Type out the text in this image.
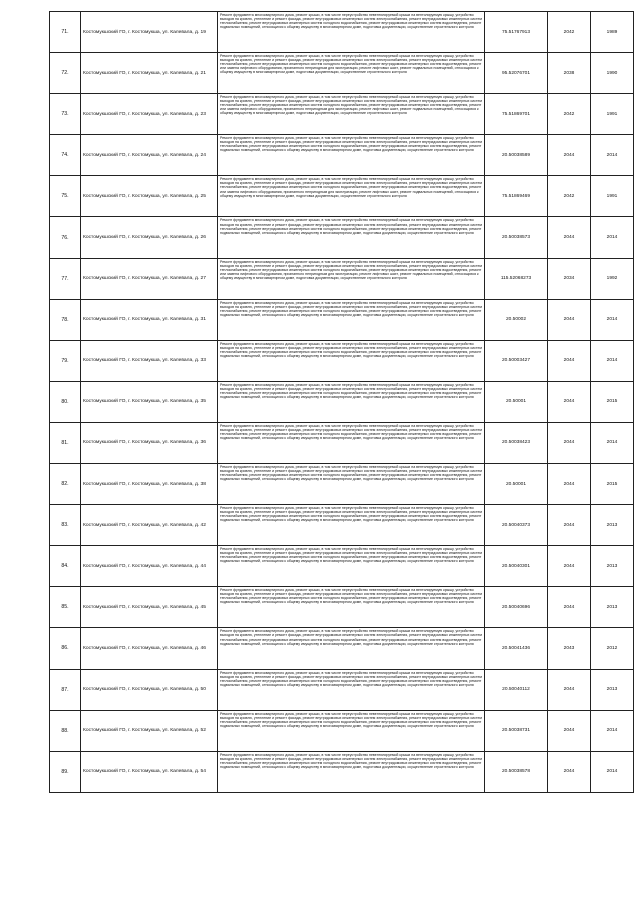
71.	Костомукшский ГО, г. Костомукша, ул. Калевала, д. 19	Ремонт фундамента многоквартирного дома, ремонт крыши, в том числе переустройство невентилируемой крыши на вентилируемую крышу, устройство выходов на кровлю, утепление и ремонт фасада, ремонт внутридомовых инженерных систем электроснабжения, ремонт внутридомовых инженерных систем теплоснабжения, ремонт внутридомовых инженерных систем холодного водоснабжения, ремонт внутридомовых инженерных систем водоотведения, ремонт подвальных помещений, относящихся к общему имуществу в многоквартирном доме, подготовка документации, осуществление строительного контроля	75.51767913	2042	1989
72.	Костомукшский ГО, г. Костомукша, ул. Калевала, д. 21	Ремонт фундамента многоквартирного дома, ремонт крыши, в том числе переустройство невентилируемой крыши на вентилируемую крышу, устройство выходов на кровлю, утепление и ремонт фасада, ремонт внутридомовых инженерных систем электроснабжения, ремонт внутридомовых инженерных систем теплоснабжения, ремонт внутридомовых инженерных систем холодного водоснабжения, ремонт внутридомовых инженерных систем водоотведения, ремонт или замена лифтового оборудования, признанного непригодным для эксплуатации, ремонт лифтовых шахт, ремонт подвальных помещений, относящихся к общему имуществу в многоквартирном доме, подготовка документации, осуществление строительного контроля	95.52076701	2038	1990
73.	Костомукшский ГО, г. Костомукша, ул. Калевала, д. 23	Ремонт фундамента многоквартирного дома, ремонт крыши, в том числе переустройство невентилируемой крыши на вентилируемую крышу, устройство выходов на кровлю, утепление и ремонт фасада, ремонт внутридомовых инженерных систем электроснабжения, ремонт внутридомовых инженерных систем теплоснабжения, ремонт внутридомовых инженерных систем холодного водоснабжения, ремонт внутридомовых инженерных систем водоотведения, ремонт или замена лифтового оборудования, признанного непригодным для эксплуатации, ремонт лифтовых шахт, ремонт подвальных помещений, относящихся к общему имуществу в многоквартирном доме, подготовка документации, осуществление строительного контроля	75.51869701	2042	1991
74.	Костомукшский ГО, г. Костомукша, ул. Калевала, д. 24	Ремонт фундамента многоквартирного дома, ремонт крыши, в том числе переустройство невентилируемой крыши на вентилируемую крышу, устройство выходов на кровлю, утепление и ремонт фасада, ремонт внутридомовых инженерных систем электроснабжения, ремонт внутридомовых инженерных систем теплоснабжения, ремонт внутридомовых инженерных систем холодного водоснабжения, ремонт внутридомовых инженерных систем водоотведения, ремонт подвальных помещений, относящихся к общему имуществу в многоквартирном доме, подготовка документации, осуществление строительного контроля	20.50038589	2044	2014
75.	Костомукшский ГО, г. Костомукша, ул. Калевала, д. 25	Ремонт фундамента многоквартирного дома, ремонт крыши, в том числе переустройство невентилируемой крыши на вентилируемую крышу, устройство выходов на кровлю, утепление и ремонт фасада, ремонт внутридомовых инженерных систем электроснабжения, ремонт внутридомовых инженерных систем теплоснабжения, ремонт внутридомовых инженерных систем холодного водоснабжения, ремонт внутридомовых инженерных систем водоотведения, ремонт или замена лифтового оборудования, признанного непригодным для эксплуатации, ремонт лифтовых шахт, ремонт подвальных помещений, относящихся к общему имуществу в многоквартирном доме, подготовка документации, осуществление строительного контроля	75.51869469	2042	1991
76.	Костомукшский ГО, г. Костомукша, ул. Калевала, д. 26	Ремонт фундамента многоквартирного дома, ремонт крыши, в том числе переустройство невентилируемой крыши на вентилируемую крышу, устройство выходов на кровлю, утепление и ремонт фасада, ремонт внутридомовых инженерных систем электроснабжения, ремонт внутридомовых инженерных систем теплоснабжения, ремонт внутридомовых инженерных систем холодного водоснабжения, ремонт внутридомовых инженерных систем водоотведения, ремонт подвальных помещений, относящихся к общему имуществу в многоквартирном доме, подготовка документации, осуществление строительного контроля	20.50038573	2044	2014
77.	Костомукшский ГО, г. Костомукша, ул. Калевала, д. 27	Ремонт фундамента многоквартирного дома, ремонт крыши, в том числе переустройство невентилируемой крыши на вентилируемую крышу, устройство выходов на кровлю, утепление и ремонт фасада, ремонт внутридомовых инженерных систем электроснабжения, ремонт внутридомовых инженерных систем теплоснабжения, ремонт внутридомовых инженерных систем холодного водоснабжения, ремонт внутридомовых инженерных систем водоотведения, ремонт или замена лифтового оборудования, признанного непригодным для эксплуатации, ремонт лифтовых шахт, ремонт подвальных помещений, относящихся к общему имуществу в многоквартирном доме, подготовка документации, осуществление строительного контроля	115.52068273	2034	1992
78.	Костомукшский ГО, г. Костомукша, ул. Калевала, д. 31	Ремонт фундамента многоквартирного дома, ремонт крыши, в том числе переустройство невентилируемой крыши на вентилируемую крышу, устройство выходов на кровлю, утепление и ремонт фасада, ремонт внутридомовых инженерных систем электроснабжения, ремонт внутридомовых инженерных систем теплоснабжения, ремонт внутридомовых инженерных систем холодного водоснабжения, ремонт внутридомовых инженерных систем водоотведения, ремонт подвальных помещений, относящихся к общему имуществу в многоквартирном доме, подготовка документации, осуществление строительного контроля	20.50002	2044	2014
79.	Костомукшский ГО, г. Костомукша, ул. Калевала, д. 33	Ремонт фундамента многоквартирного дома, ремонт крыши, в том числе переустройство невентилируемой крыши на вентилируемую крышу, устройство выходов на кровлю, утепление и ремонт фасада, ремонт внутридомовых инженерных систем электроснабжения, ремонт внутридомовых инженерных систем теплоснабжения, ремонт внутридомовых инженерных систем холодного водоснабжения, ремонт внутридомовых инженерных систем водоотведения, ремонт подвальных помещений, относящихся к общему имуществу в многоквартирном доме, подготовка документации, осуществление строительного контроля	20.50003427	2044	2014
80.	Костомукшский ГО, г. Костомукша, ул. Калевала, д. 35	Ремонт фундамента многоквартирного дома, ремонт крыши, в том числе переустройство невентилируемой крыши на вентилируемую крышу, устройство выходов на кровлю, утепление и ремонт фасада, ремонт внутридомовых инженерных систем электроснабжения, ремонт внутридомовых инженерных систем теплоснабжения, ремонт внутридомовых инженерных систем холодного водоснабжения, ремонт внутридомовых инженерных систем водоотведения, ремонт подвальных помещений, относящихся к общему имуществу в многоквартирном доме, подготовка документации, осуществление строительного контроля	20.50001	2044	2015
81.	Костомукшский ГО, г. Костомукша, ул. Калевала, д. 36	Ремонт фундамента многоквартирного дома, ремонт крыши, в том числе переустройство невентилируемой крыши на вентилируемую крышу, устройство выходов на кровлю, утепление и ремонт фасада, ремонт внутридомовых инженерных систем электроснабжения, ремонт внутридомовых инженерных систем теплоснабжения, ремонт внутридомовых инженерных систем холодного водоснабжения, ремонт внутридомовых инженерных систем водоотведения, ремонт подвальных помещений, относящихся к общему имуществу в многоквартирном доме, подготовка документации, осуществление строительного контроля	20.50038423	2044	2014
82.	Костомукшский ГО, г. Костомукша, ул. Калевала, д. 38	Ремонт фундамента многоквартирного дома, ремонт крыши, в том числе переустройство невентилируемой крыши на вентилируемую крышу, устройство выходов на кровлю, утепление и ремонт фасада, ремонт внутридомовых инженерных систем электроснабжения, ремонт внутридомовых инженерных систем теплоснабжения, ремонт внутридомовых инженерных систем холодного водоснабжения, ремонт внутридомовых инженерных систем водоотведения, ремонт подвальных помещений, относящихся к общему имуществу в многоквартирном доме, подготовка документации, осуществление строительного контроля	20.50001	2044	2015
83.	Костомукшский ГО, г. Костомукша, ул. Калевала, д. 42	Ремонт фундамента многоквартирного дома, ремонт крыши, в том числе переустройство невентилируемой крыши на вентилируемую крышу, устройство выходов на кровлю, утепление и ремонт фасада, ремонт внутридомовых инженерных систем электроснабжения, ремонт внутридомовых инженерных систем теплоснабжения, ремонт внутридомовых инженерных систем холодного водоснабжения, ремонт внутридомовых инженерных систем водоотведения, ремонт подвальных помещений, относящихся к общему имуществу в многоквартирном доме, подготовка документации, осуществление строительного контроля	20.50040373	2044	2013
84.	Костомукшский ГО, г. Костомукша, ул. Калевала, д. 44	Ремонт фундамента многоквартирного дома, ремонт крыши, в том числе переустройство невентилируемой крыши на вентилируемую крышу, устройство выходов на кровлю, утепление и ремонт фасада, ремонт внутридомовых инженерных систем электроснабжения, ремонт внутридомовых инженерных систем теплоснабжения, ремонт внутридомовых инженерных систем холодного водоснабжения, ремонт внутридомовых инженерных систем водоотведения, ремонт подвальных помещений, относящихся к общему имуществу в многоквартирном доме, подготовка документации, осуществление строительного контроля	20.50040301	2044	2013
85.	Костомукшский ГО, г. Костомукша, ул. Калевала, д. 45	Ремонт фундамента многоквартирного дома, ремонт крыши, в том числе переустройство невентилируемой крыши на вентилируемую крышу, устройство выходов на кровлю, утепление и ремонт фасада, ремонт внутридомовых инженерных систем электроснабжения, ремонт внутридомовых инженерных систем теплоснабжения, ремонт внутридомовых инженерных систем холодного водоснабжения, ремонт внутридомовых инженерных систем водоотведения, ремонт подвальных помещений, относящихся к общему имуществу в многоквартирном доме, подготовка документации, осуществление строительного контроля	20.50040696	2044	2013
86.	Костомукшский ГО, г. Костомукша, ул. Калевала, д. 46	Ремонт фундамента многоквартирного дома, ремонт крыши, в том числе переустройство невентилируемой крыши на вентилируемую крышу, устройство выходов на кровлю, утепление и ремонт фасада, ремонт внутридомовых инженерных систем электроснабжения, ремонт внутридомовых инженерных систем теплоснабжения, ремонт внутридомовых инженерных систем холодного водоснабжения, ремонт внутридомовых инженерных систем водоотведения, ремонт подвальных помещений, относящихся к общему имуществу в многоквартирном доме, подготовка документации, осуществление строительного контроля	20.50041436	2043	2012
87.	Костомукшский ГО, г. Костомукша, ул. Калевала, д. 50	Ремонт фундамента многоквартирного дома, ремонт крыши, в том числе переустройство невентилируемой крыши на вентилируемую крышу, устройство выходов на кровлю, утепление и ремонт фасада, ремонт внутридомовых инженерных систем электроснабжения, ремонт внутридомовых инженерных систем теплоснабжения, ремонт внутридомовых инженерных систем холодного водоснабжения, ремонт внутридомовых инженерных систем водоотведения, ремонт подвальных помещений, относящихся к общему имуществу в многоквартирном доме, подготовка документации, осуществление строительного контроля	20.50040112	2044	2013
88.	Костомукшский ГО, г. Костомукша, ул. Калевала, д. 52	Ремонт фундамента многоквартирного дома, ремонт крыши, в том числе переустройство невентилируемой крыши на вентилируемую крышу, устройство выходов на кровлю, утепление и ремонт фасада, ремонт внутридомовых инженерных систем электроснабжения, ремонт внутридомовых инженерных систем теплоснабжения, ремонт внутридомовых инженерных систем холодного водоснабжения, ремонт внутридомовых инженерных систем водоотведения, ремонт подвальных помещений, относящихся к общему имуществу в многоквартирном доме, подготовка документации, осуществление строительного контроля	20.50038731	2044	2014
89.	Костомукшский ГО, г. Костомукша, ул. Калевала, д. 54	Ремонт фундамента многоквартирного дома, ремонт крыши, в том числе переустройство невентилируемой крыши на вентилируемую крышу, устройство выходов на кровлю, утепление и ремонт фасада, ремонт внутридомовых инженерных систем электроснабжения, ремонт внутридомовых инженерных систем теплоснабжения, ремонт внутридомовых инженерных систем холодного водоснабжения, ремонт внутридомовых инженерных систем водоотведения, ремонт подвальных помещений, относящихся к общему имуществу в многоквартирном доме, подготовка документации, осуществление строительного контроля	20.50038578	2044	2014
